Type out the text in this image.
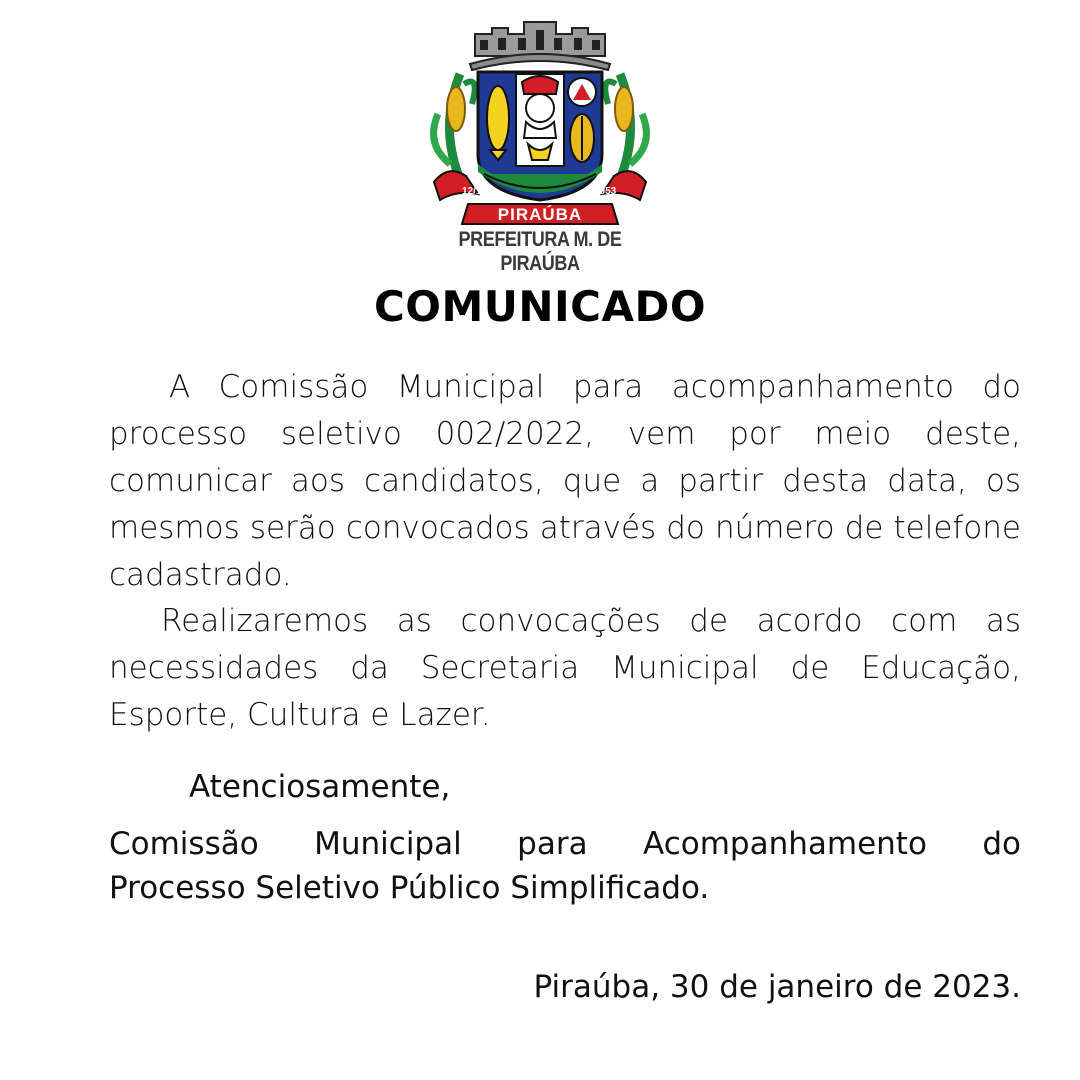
12/12	1953
PIRAÚBA
PREFEITURA M. DE PIRAÚBA
COMUNICADO
A Comissão Municipal para acompanhamento do processo seletivo 002/2022, vem por meio deste, comunicar aos candidatos, que a partir desta data, os mesmos serão convocados através do número de telefone cadastrado.
Realizaremos as convocações de acordo com as necessidades da Secretaria Municipal de Educação, Esporte, Cultura e Lazer.
Atenciosamente,
Comissão Municipal para Acompanhamento do
Processo Seletivo Público Simplificado.
Piraúba, 30 de janeiro de 2023.
